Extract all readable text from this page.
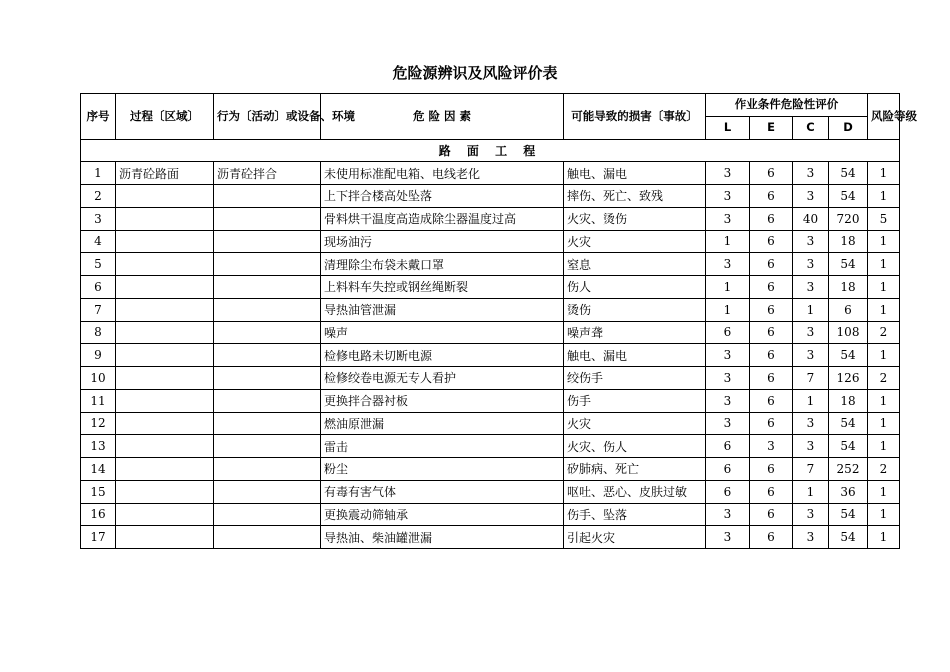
危险源辨识及风险评价表
序号	过程〔区域〕	行为〔活动〕或设备、环境	危 险 因 素	可能导致的损害〔事故〕	作业条件危险性评价				风险等级
					L	E	C	D	
路 面 工 程									
1	沥青砼路面	沥青砼拌合	未使用标准配电箱、电线老化	触电、漏电	3	6	3	54	1
2			上下拌合楼高处坠落	摔伤、死亡、致残	3	6	3	54	1
3			骨料烘干温度高造成除尘器温度过高	火灾、烫伤	3	6	40	720	5
4			现场油污	火灾	1	6	3	18	1
5			清理除尘布袋未戴口罩	窒息	3	6	3	54	1
6			上料料车失控或钢丝绳断裂	伤人	1	6	3	18	1
7			导热油管泄漏	烫伤	1	6	1	6	1
8			噪声	噪声聋	6	6	3	108	2
9			检修电路未切断电源	触电、漏电	3	6	3	54	1
10			检修绞卷电源无专人看护	绞伤手	3	6	7	126	2
11			更换拌合器衬板	伤手	3	6	1	18	1
12			燃油原泄漏	火灾	3	6	3	54	1
13			雷击	火灾、伤人	6	3	3	54	1
14			粉尘	矽肺病、死亡	6	6	7	252	2
15			有毒有害气体	呕吐、恶心、皮肤过敏	6	6	1	36	1
16			更换震动筛轴承	伤手、坠落	3	6	3	54	1
17			导热油、柴油罐泄漏	引起火灾	3	6	3	54	1
